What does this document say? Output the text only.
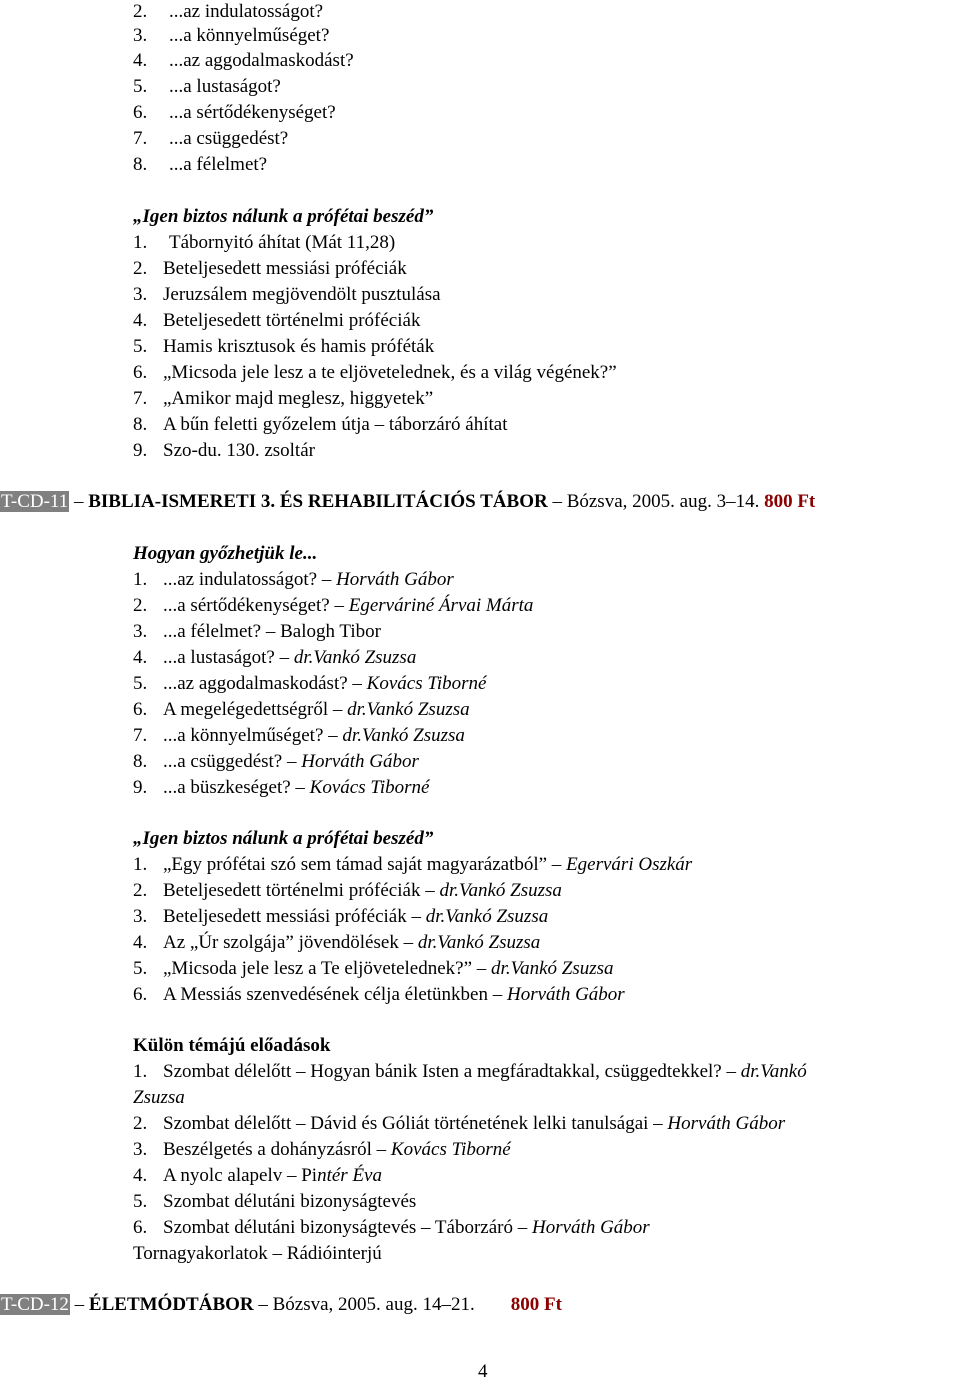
2. ...az indulatosságot?
3. ...a könnyelműséget?
4. ...az aggodalmaskodást?
5. ...a lustaságot?
6. ...a sértődékenységet?
7. ...a csüggedést?
8. ...a félelmet?
„Igen biztos nálunk a prófétai beszéd”
1. Tábornyitó áhítat (Mát 11,28)
2. Beteljesedett messiási próféciák
3. Jeruzsálem megjövendölt pusztulása
4. Beteljesedett történelmi próféciák
5. Hamis krisztusok és hamis próféták
6. „Micsoda jele lesz a te eljövetelednek, és a világ végének?”
7. „Amikor majd meglesz, higgyetek”
8. A bűn feletti győzelem útja – táborzáró áhítat
9. Szo-du. 130. zsoltár
T-CD-11 – BIBLIA-ISMERETI 3. ÉS REHABILITÁCIÓS TÁBOR – Bózsva, 2005. aug. 3–14. 800 Ft
Hogyan győzhetjük le...
1. ...az indulatosságot? – Horváth Gábor
2. ...a sértődékenységet? – Egerváriné Árvai Márta
3. ...a félelmet? – Balogh Tibor
4. ...a lustaságot? – dr.Vankó Zsuzsa
5. ...az aggodalmaskodást? – Kovács Tiborné
6. A megelégedettségről – dr.Vankó Zsuzsa
7. ...a könnyelműséget? – dr.Vankó Zsuzsa
8. ...a csüggedést? – Horváth Gábor
9. ...a büszkeséget? – Kovács Tiborné
„Igen biztos nálunk a prófétai beszéd”
1. „Egy prófétai szó sem támad saját magyarázatból” – Egervári Oszkár
2. Beteljesedett történelmi próféciák – dr.Vankó Zsuzsa
3. Beteljesedett messiási próféciák – dr.Vankó Zsuzsa
4. Az „Úr szolgája” jövendölések – dr.Vankó Zsuzsa
5. „Micsoda jele lesz a Te eljövetelednek?” – dr.Vankó Zsuzsa
6. A Messiás szenvedésének célja életünkben – Horváth Gábor
Külön témájú előadások
1. Szombat délelőtt – Hogyan bánik Isten a megfáradtakkal, csüggedtekkel? – dr.Vankó
Zsuzsa
2. Szombat délelőtt – Dávid és Góliát történetének lelki tanulságai – Horváth Gábor
3. Beszélgetés a dohányzásról – Kovács Tiborné
4. A nyolc alapelv – Pintér Éva
5. Szombat délutáni bizonyságtevés
6. Szombat délutáni bizonyságtevés – Táborzáró – Horváth Gábor
Tornagyakorlatok – Rádióinterjú
T-CD-12 – ÉLETMÓDTÁBOR – Bózsva, 2005. aug. 14–21. 800 Ft
4
